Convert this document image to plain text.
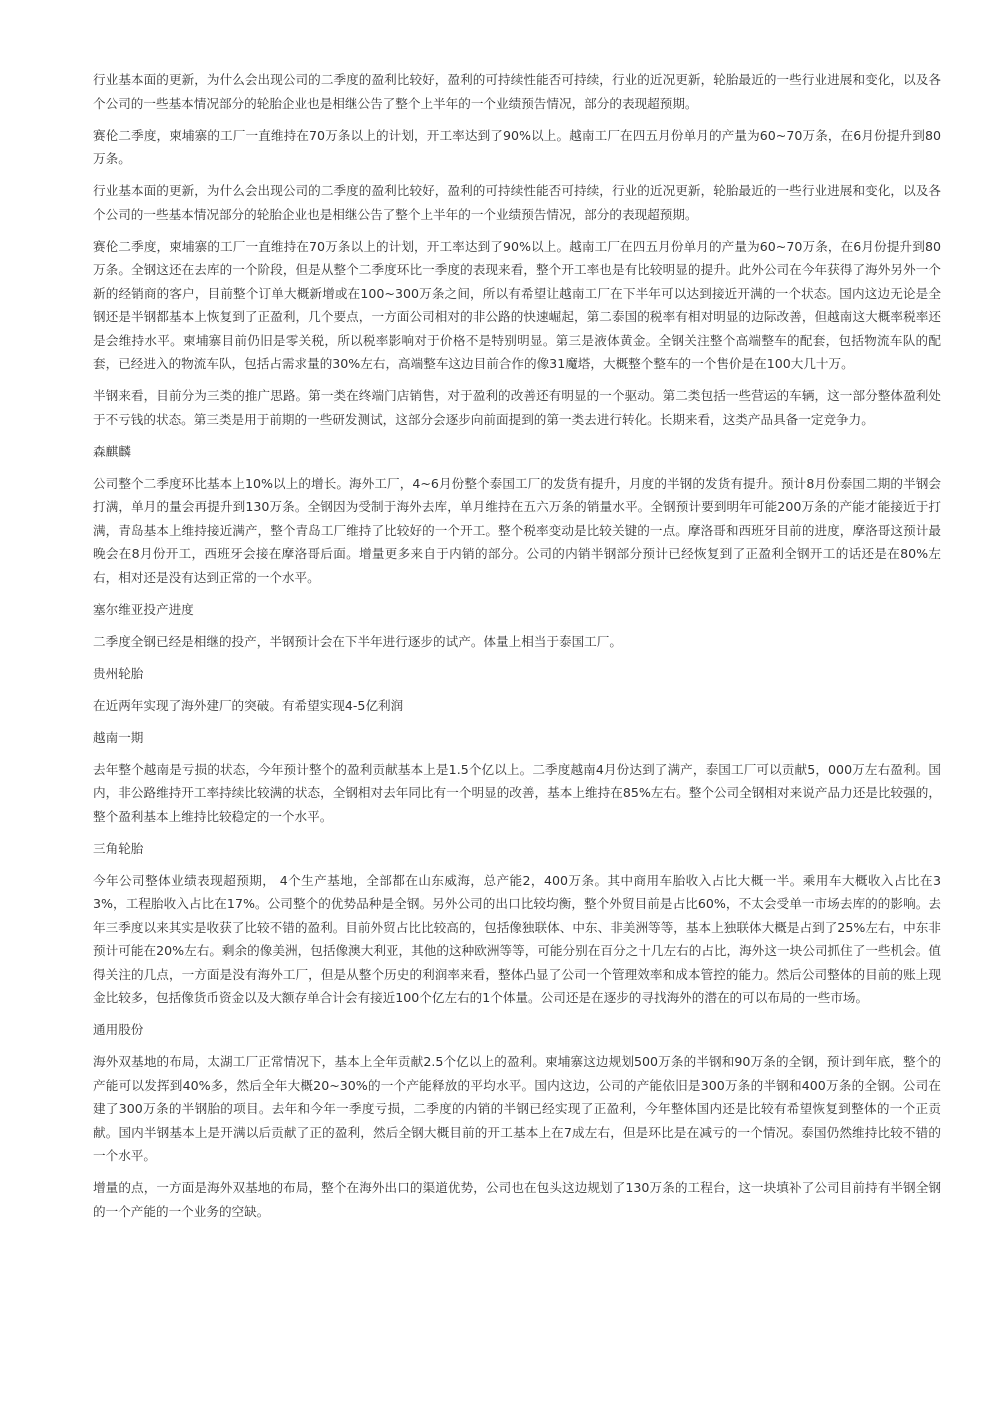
行业基本面的更新，为什么会出现公司的二季度的盈利比较好，盈利的可持续性能否可持续，行业的近况更新，轮胎最近的一些行业进展和变化，以及各个公司的一些基本情况部分的轮胎企业也是相继公告了整个上半年的一个业绩预告情况，部分的表现超预期。

赛伦二季度，柬埔寨的工厂一直维持在70万条以上的计划，开工率达到了90%以上。越南工厂在四五月份单月的产量为60~70万条，在6月份提升到80万条。

行业基本面的更新，为什么会出现公司的二季度的盈利比较好，盈利的可持续性能否可持续，行业的近况更新，轮胎最近的一些行业进展和变化，以及各个公司的一些基本情况部分的轮胎企业也是相继公告了整个上半年的一个业绩预告情况，部分的表现超预期。

赛伦二季度，柬埔寨的工厂一直维持在70万条以上的计划，开工率达到了90%以上。越南工厂在四五月份单月的产量为60~70万条，在6月份提升到80万条。全钢这还在去库的一个阶段，但是从整个二季度环比一季度的表现来看，整个开工率也是有比较明显的提升。此外公司在今年获得了海外另外一个新的经销商的客户，目前整个订单大概新增或在100~300万条之间，所以有希望让越南工厂在下半年可以达到接近开满的一个状态。国内这边无论是全钢还是半钢都基本上恢复到了正盈利，几个要点，一方面公司相对的非公路的快速崛起，第二泰国的税率有相对明显的边际改善，但越南这大概率税率还是会维持水平。柬埔寨目前仍旧是零关税，所以税率影响对于价格不是特别明显。第三是液体黄金。全钢关注整个高端整车的配套，包括物流车队的配套，已经进入的物流车队，包括占需求量的30%左右，高端整车这边目前合作的像31魔塔，大概整个整车的一个售价是在100大几十万。

半钢来看，目前分为三类的推广思路。第一类在终端门店销售，对于盈利的改善还有明显的一个驱动。第二类包括一些营运的车辆，这一部分整体盈利处于不亏钱的状态。第三类是用于前期的一些研发测试，这部分会逐步向前面提到的第一类去进行转化。长期来看，这类产品具备一定竞争力。

森麒麟

公司整个二季度环比基本上10%以上的增长。海外工厂，4~6月份整个泰国工厂的发货有提升，月度的半钢的发货有提升。预计8月份泰国二期的半钢会打满，单月的量会再提升到130万条。全钢因为受制于海外去库，单月维持在五六万条的销量水平。全钢预计要到明年可能200万条的产能才能接近于打满，青岛基本上维持接近满产，整个青岛工厂维持了比较好的一个开工。整个税率变动是比较关键的一点。摩洛哥和西班牙目前的进度，摩洛哥这预计最晚会在8月份开工，西班牙会接在摩洛哥后面。增量更多来自于内销的部分。公司的内销半钢部分预计已经恢复到了正盈利全钢开工的话还是在80%左右，相对还是没有达到正常的一个水平。

塞尔维亚投产进度

二季度全钢已经是相继的投产，半钢预计会在下半年进行逐步的试产。体量上相当于泰国工厂。

贵州轮胎

在近两年实现了海外建厂的突破。有希望实现4-5亿利润

越南一期

去年整个越南是亏损的状态，今年预计整个的盈利贡献基本上是1.5个亿以上。二季度越南4月份达到了满产，泰国工厂可以贡献5，000万左右盈利。国内，非公路维持开工率持续比较满的状态，全钢相对去年同比有一个明显的改善，基本上维持在85%左右。整个公司全钢相对来说产品力还是比较强的，整个盈利基本上维持比较稳定的一个水平。

三角轮胎

今年公司整体业绩表现超预期， 4个生产基地，全部都在山东威海，总产能2，400万条。其中商用车胎收入占比大概一半。乘用车大概收入占比在33%，工程胎收入占比在17%。公司整个的优势品种是全钢。另外公司的出口比较均衡，整个外贸目前是占比60%，不太会受单一市场去库的的影响。去年三季度以来其实是收获了比较不错的盈利。目前外贸占比比较高的，包括像独联体、中东、非美洲等等，基本上独联体大概是占到了25%左右，中东非预计可能在20%左右。剩余的像美洲，包括像澳大利亚，其他的这种欧洲等等，可能分别在百分之十几左右的占比，海外这一块公司抓住了一些机会。值得关注的几点，一方面是没有海外工厂，但是从整个历史的利润率来看，整体凸显了公司一个管理效率和成本管控的能力。然后公司整体的目前的账上现金比较多，包括像货币资金以及大额存单合计会有接近100个亿左右的1个体量。公司还是在逐步的寻找海外的潜在的可以布局的一些市场。

通用股份

海外双基地的布局，太湖工厂正常情况下，基本上全年贡献2.5个亿以上的盈利。柬埔寨这边规划500万条的半钢和90万条的全钢，预计到年底，整个的产能可以发挥到40%多，然后全年大概20~30%的一个产能释放的平均水平。国内这边，公司的产能依旧是300万条的半钢和400万条的全钢。公司在建了300万条的半钢胎的项目。去年和今年一季度亏损，二季度的内销的半钢已经实现了正盈利，今年整体国内还是比较有希望恢复到整体的一个正贡献。国内半钢基本上是开满以后贡献了正的盈利，然后全钢大概目前的开工基本上在7成左右，但是环比是在减亏的一个情况。泰国仍然维持比较不错的一个水平。

增量的点，一方面是海外双基地的布局，整个在海外出口的渠道优势，公司也在包头这边规划了130万条的工程台，这一块填补了公司目前持有半钢全钢的一个产能的一个业务的空缺。
